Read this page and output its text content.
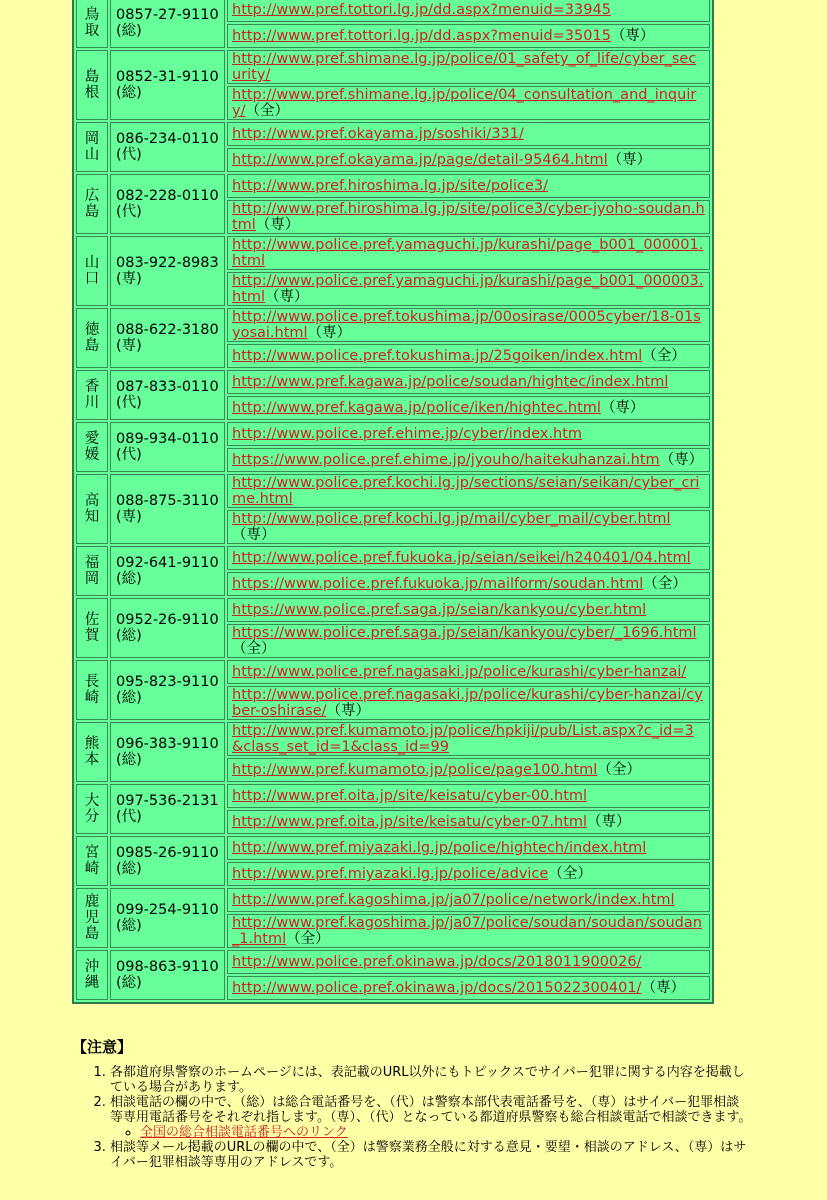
鳥取	0857-27-9110(総)	http://www.pref.tottori.lg.jp/dd.aspx?menuid=33945
		http://www.pref.tottori.lg.jp/dd.aspx?menuid=35015（専）

島根	0852-31-9110(総)	http://www.pref.shimane.lg.jp/police/01_safety_of_life/cyber_security/
		http://www.pref.shimane.lg.jp/police/04_consultation_and_inquiry/（全）

岡山	086-234-0110(代)	http://www.pref.okayama.jp/soshiki/331/
		http://www.pref.okayama.jp/page/detail-95464.html（専）

広島	082-228-0110(代)	http://www.pref.hiroshima.lg.jp/site/police3/
		http://www.pref.hiroshima.lg.jp/site/police3/cyber-jyoho-soudan.html（専）

山口	083-922-8983(専)	http://www.police.pref.yamaguchi.jp/kurashi/page_b001_000001.html
		http://www.police.pref.yamaguchi.jp/kurashi/page_b001_000003.html（専）

徳島	088-622-3180(専)	http://www.police.pref.tokushima.jp/00osirase/0005cyber/18-01syosai.html（専）
		http://www.police.pref.tokushima.jp/25goiken/index.html（全）

香川	087-833-0110(代)	http://www.pref.kagawa.jp/police/soudan/hightec/index.html
		http://www.pref.kagawa.jp/police/iken/hightec.html（専）

愛媛	089-934-0110(代)	http://www.police.pref.ehime.jp/cyber/index.htm
		https://www.police.pref.ehime.jp/jyouho/haitekuhanzai.htm（専）

高知	088-875-3110(専)	http://www.police.pref.kochi.lg.jp/sections/seian/seikan/cyber_crime.html
		http://www.police.pref.kochi.lg.jp/mail/cyber_mail/cyber.html（専）

福岡	092-641-9110(総)	http://www.police.pref.fukuoka.jp/seian/seikei/h240401/04.html
		https://www.police.pref.fukuoka.jp/mailform/soudan.html（全）

佐賀	0952-26-9110(総)	https://www.police.pref.saga.jp/seian/kankyou/cyber.html
		https://www.police.pref.saga.jp/seian/kankyou/cyber/_1696.html（全）

長崎	095-823-9110(総)	http://www.police.pref.nagasaki.jp/police/kurashi/cyber-hanzai/
		http://www.police.pref.nagasaki.jp/police/kurashi/cyber-hanzai/cyber-oshirase/（専）

熊本	096-383-9110(総)	http://www.pref.kumamoto.jp/police/hpkiji/pub/List.aspx?c_id=3&class_set_id=1&class_id=99
		http://www.pref.kumamoto.jp/police/page100.html（全）

大分	097-536-2131(代)	http://www.pref.oita.jp/site/keisatu/cyber-00.html
		http://www.pref.oita.jp/site/keisatu/cyber-07.html（専）

宮崎	0985-26-9110(総)	http://www.pref.miyazaki.lg.jp/police/hightech/index.html
		http://www.pref.miyazaki.lg.jp/police/advice（全）

鹿児島	099-254-9110(総)	http://www.pref.kagoshima.jp/ja07/police/network/index.html
		http://www.pref.kagoshima.jp/ja07/police/soudan/soudan/soudan_1.html（全）

沖縄	098-863-9110(総)	http://www.police.pref.okinawa.jp/docs/2018011900026/
		http://www.police.pref.okinawa.jp/docs/2015022300401/（専）
【注意】
1. 各都道府県警察のホームページには、表記載のURL以外にもトピックスでサイバー犯罪に関する内容を掲載している場合があります。
2. 相談電話の欄の中で、（総）は総合電話番号を、（代）は警察本部代表電話番号を、（専）はサイバー犯罪相談等専用電話番号をそれぞれ指します。（専）、（代）となっている都道府県警察も総合相談電話で相談できます。
◦ 全国の総合相談電話番号へのリンク
3. 相談等メール掲載のURLの欄の中で、（全）は警察業務全般に対する意見・要望・相談のアドレス、（専）はサイバー犯罪相談等専用のアドレスです。
